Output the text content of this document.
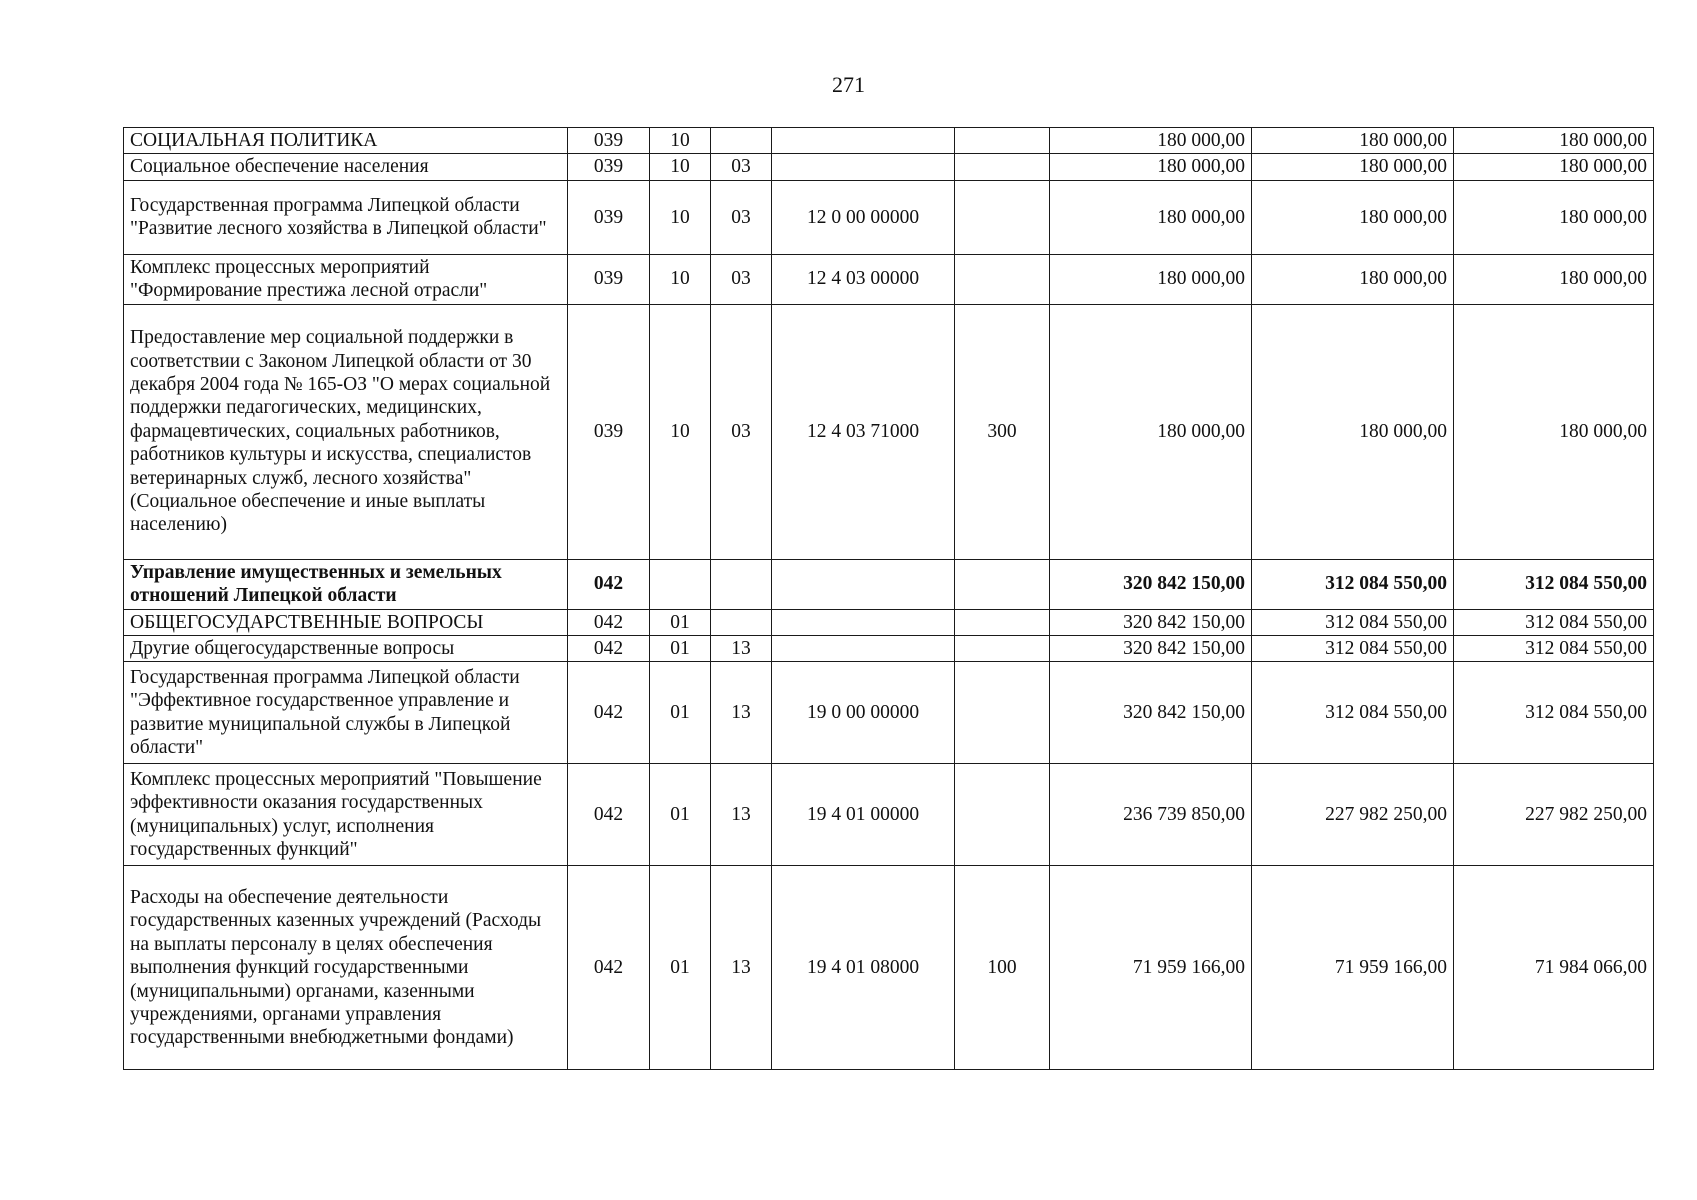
271
СОЦИАЛЬНАЯ ПОЛИТИКА	039	10				180 000,00	180 000,00	180 000,00
Социальное обеспечение населения	039	10	03			180 000,00	180 000,00	180 000,00
Государственная программа Липецкой области "Развитие лесного хозяйства в Липецкой области"	039	10	03	12 0 00 00000		180 000,00	180 000,00	180 000,00
Комплекс процессных мероприятий "Формирование престижа лесной отрасли"	039	10	03	12 4 03 00000		180 000,00	180 000,00	180 000,00
Предоставление мер социальной поддержки в соответствии с Законом Липецкой области от 30 декабря 2004 года № 165-ОЗ "О мерах социальной поддержки педагогических, медицинских, фармацевтических, социальных работников, работников культуры и искусства, специалистов ветеринарных служб, лесного хозяйства" (Социальное обеспечение и иные выплаты населению)	039	10	03	12 4 03 71000	300	180 000,00	180 000,00	180 000,00
Управление имущественных и земельных отношений Липецкой области	042					320 842 150,00	312 084 550,00	312 084 550,00
ОБЩЕГОСУДАРСТВЕННЫЕ ВОПРОСЫ	042	01				320 842 150,00	312 084 550,00	312 084 550,00
Другие общегосударственные вопросы	042	01	13			320 842 150,00	312 084 550,00	312 084 550,00
Государственная программа Липецкой области "Эффективное государственное управление и развитие муниципальной службы в Липецкой области"	042	01	13	19 0 00 00000		320 842 150,00	312 084 550,00	312 084 550,00
Комплекс процессных мероприятий "Повышение эффективности оказания государственных (муниципальных) услуг, исполнения государственных функций"	042	01	13	19 4 01 00000		236 739 850,00	227 982 250,00	227 982 250,00
Расходы на обеспечение деятельности государственных казенных учреждений (Расходы на выплаты персоналу в целях обеспечения выполнения функций государственными (муниципальными) органами, казенными учреждениями, органами управления государственными внебюджетными фондами)	042	01	13	19 4 01 08000	100	71 959 166,00	71 959 166,00	71 984 066,00
